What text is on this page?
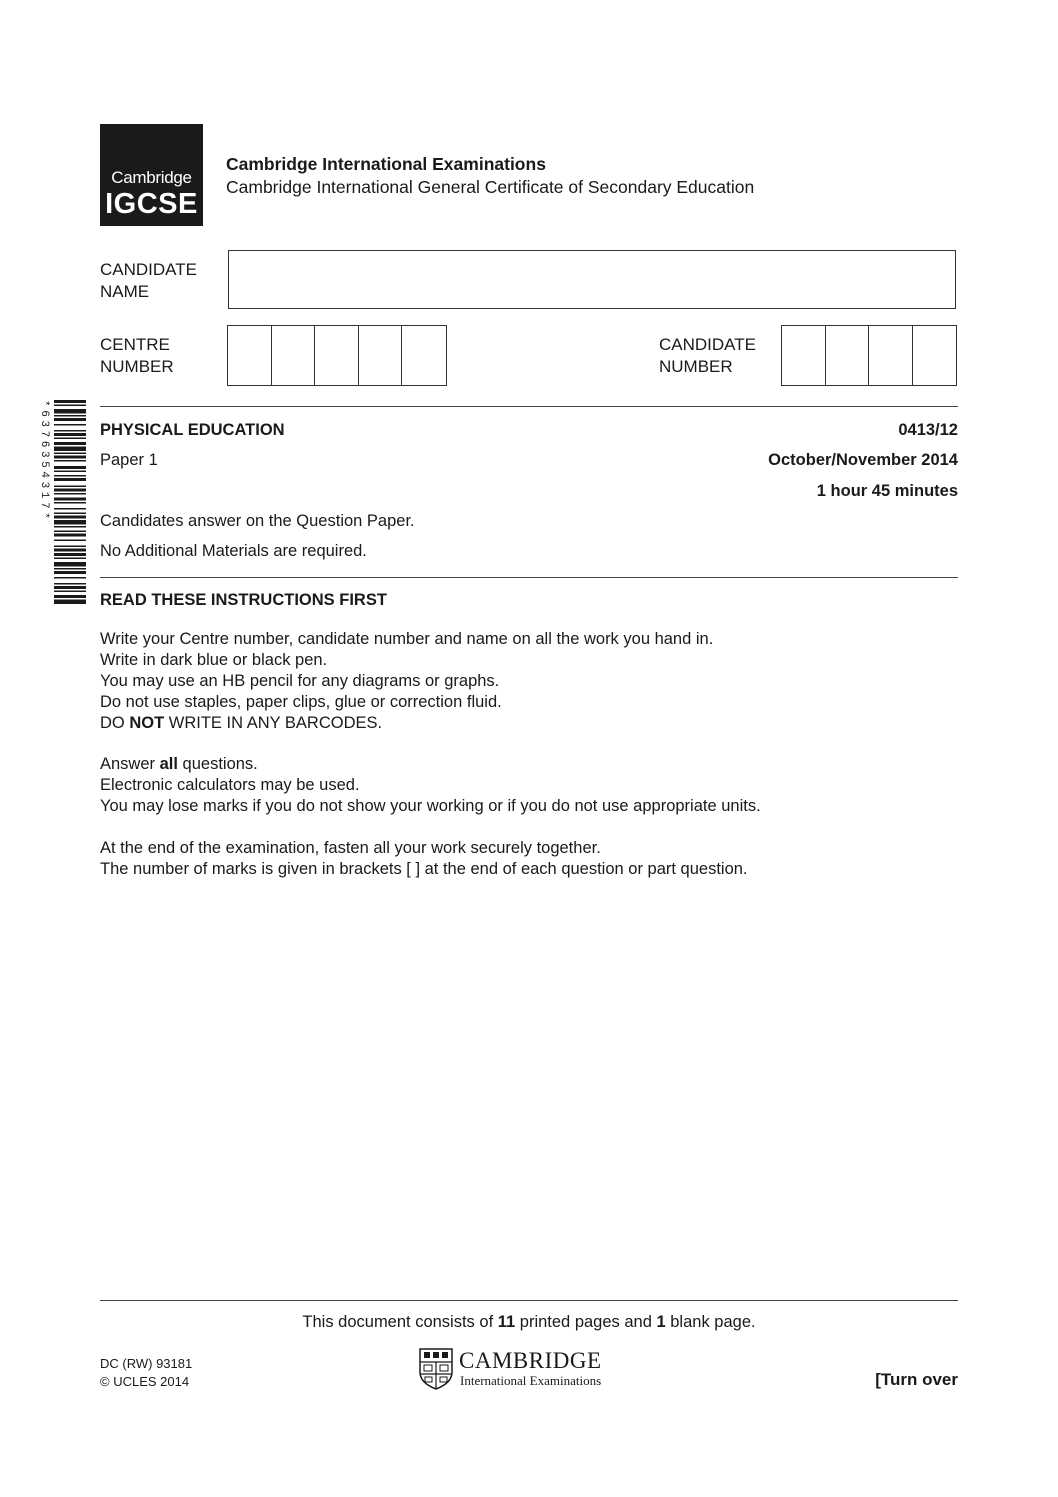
Cambridge
IGCSE
Cambridge International Examinations
Cambridge International General Certificate of Secondary Education
CANDIDATE
NAME
CENTRE
NUMBER
CANDIDATE
NUMBER
*6376354317*	PHYSICAL EDUCATION	0413/12
Paper 1	October/November 2014
1 hour 45 minutes
Candidates answer on the Question Paper.
No Additional Materials are required.
READ THESE INSTRUCTIONS FIRST
Write your Centre number, candidate number and name on all the work you hand in.
Write in dark blue or black pen.
You may use an HB pencil for any diagrams or graphs.
Do not use staples, paper clips, glue or correction fluid.
DO NOT WRITE IN ANY BARCODES.
Answer all questions.
Electronic calculators may be used.
You may lose marks if you do not show your working or if you do not use appropriate units.
At the end of the examination, fasten all your work securely together.
The number of marks is given in brackets [ ] at the end of each question or part question.
This document consists of 11 printed pages and 1 blank page.
DC (RW) 93181
© UCLES 2014
CAMBRIDGE
International Examinations	[Turn over
